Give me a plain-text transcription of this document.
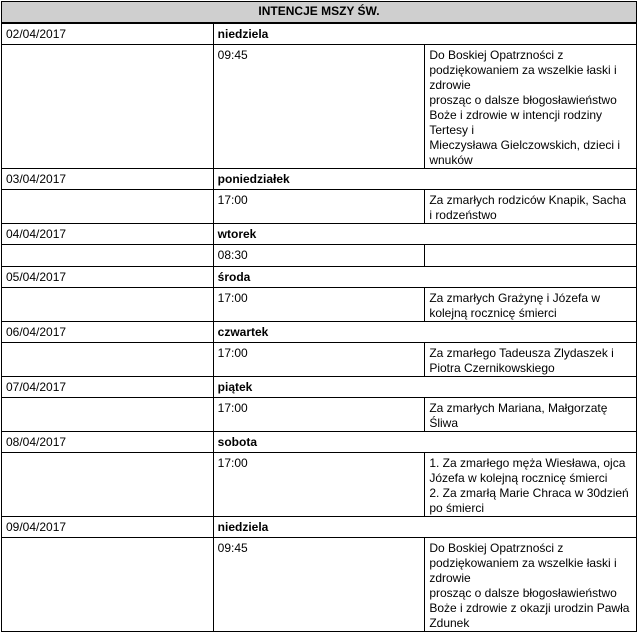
INTENCJE MSZY ŚW.		
02/04/2017	niedziela	
	09:45	Do Boskiej Opatrzności z podziękowaniem za wszelkie łaski i zdrowie
prosząc o dalsze błogosławieństwo Boże i zdrowie w intencji rodziny Tertesy i
Mieczysława Gielczowskich, dzieci i wnuków

03/04/2017	poniedziałek	
	17:00	Za zmarłych rodziców Knapik, Sacha i rodzeństwo

04/04/2017	wtorek	
	08:30	

05/04/2017	środa	
	17:00	Za zmarłych Grażynę i Józefa w kolejną rocznicę śmierci

06/04/2017	czwartek	
	17:00	Za zmarłego Tadeusza Zlydaszek i Piotra Czernikowskiego

07/04/2017	piątek	
	17:00	Za zmarłych Mariana, Małgorzatę Śliwa

08/04/2017	sobota	
	17:00	1. Za zmarłego męża Wiesława, ojca Józefa w kolejną rocznicę śmierci
2. Za zmarłą Marie Chraca w 30dzień po śmierci

09/04/2017	niedziela	
	09:45	Do Boskiej Opatrzności z podziękowaniem za wszelkie łaski i zdrowie
prosząc o dalsze błogosławieństwo Boże i zdrowie z okazji urodzin Pawła
Zdunek
